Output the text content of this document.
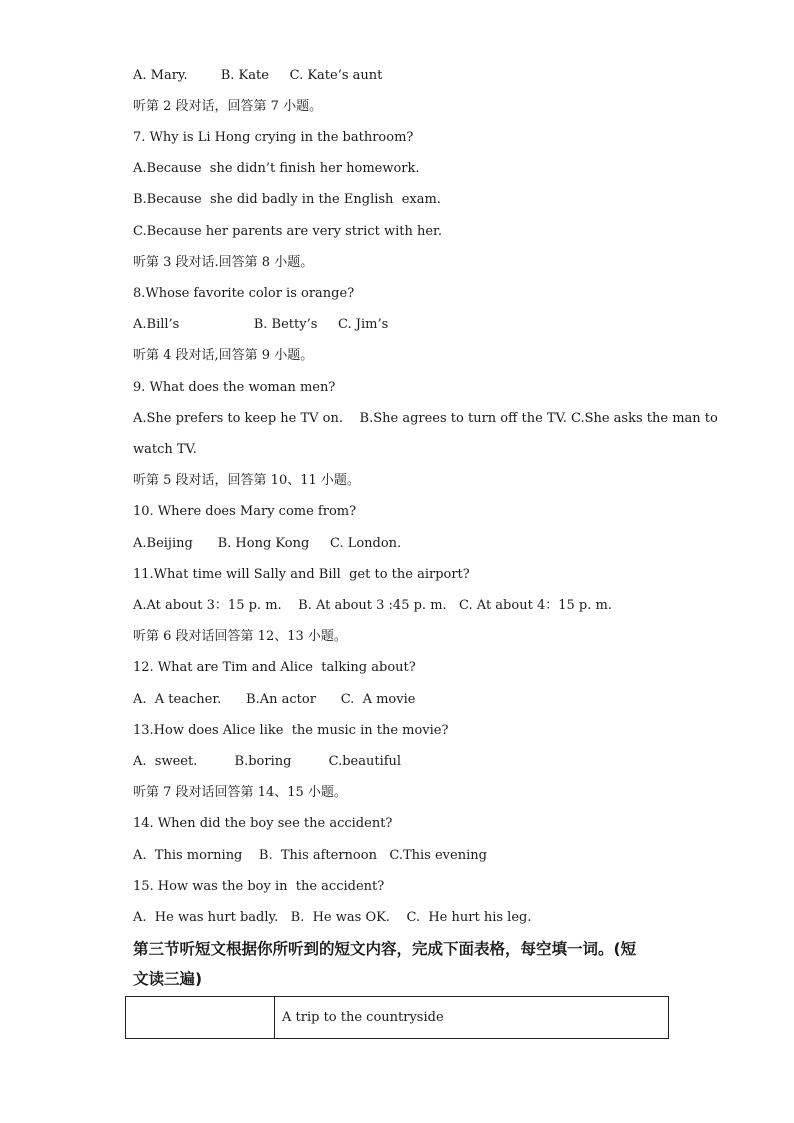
A. Mary.        B. Kate     C. Kate’s aunt
听第 2 段对话，回答第 7 小题。
7. Why is Li Hong crying in the bathroom?
A.Because  she didn’t finish her homework.
B.Because  she did badly in the English  exam.
C.Because her parents are very strict with her.
听第 3 段对话.回答第 8 小题。
8.Whose favorite color is orange?
A.Bill’s                  B. Betty’s     C. Jim’s
听第 4 段对话,回答第 9 小题。
9. What does the woman men?
A.She prefers to keep he TV on.    B.She agrees to turn off the TV. C.She asks the man to
watch TV.
听第 5 段对话，回答第 10、11 小题。
10. Where does Mary come from?
A.Beijing      B. Hong Kong     C. London.
11.What time will Sally and Bill  get to the airport?
A.At about 3：15 p. m.    B. At about 3 :45 p. m.   C. At about 4：15 p. m.
听第 6 段对话回答第 12、13 小题。
12. What are Tim and Alice  talking about?
A.  A teacher.      B.An actor      C.  A movie
13.How does Alice like  the music in the movie?
A.  sweet.         B.boring         C.beautiful
听第 7 段对话回答第 14、15 小题。
14. When did the boy see the accident?
A.  This morning    B.  This afternoon   C.This evening
15. How was the boy in  the accident?
A.  He was hurt badly.   B.  He was OK.    C.  He hurt his leg.
第三节听短文根据你所听到的短文内容，完成下面表格，每空填一词。(短
文读三遍)
	A trip to the countryside
